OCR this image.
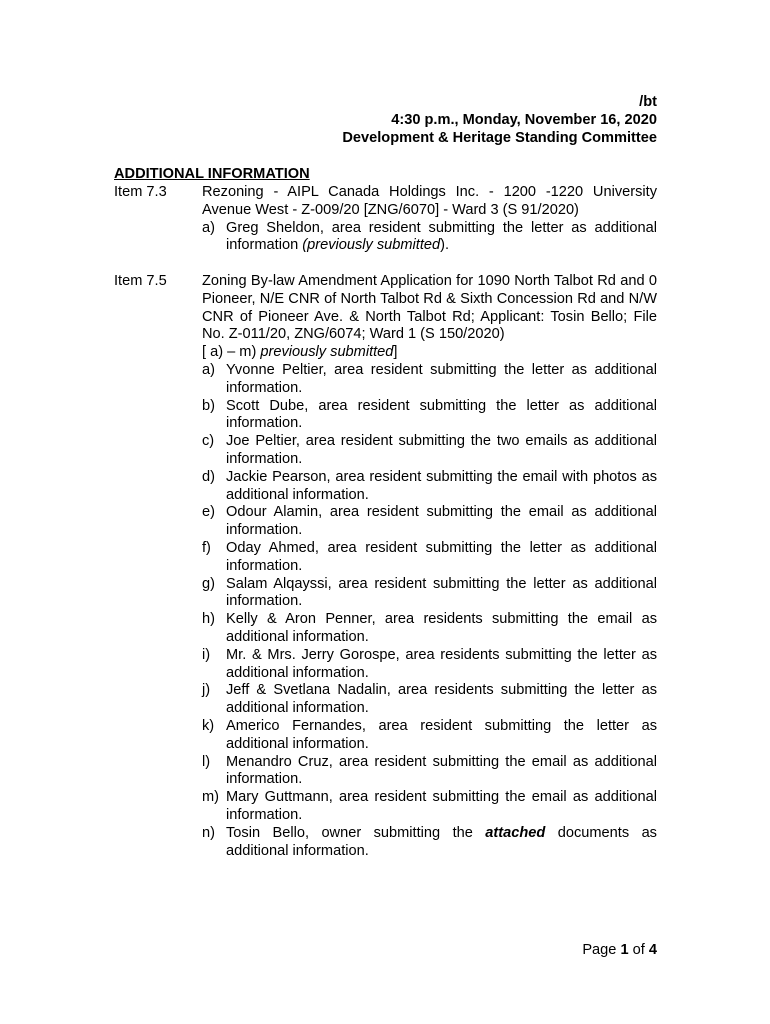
/bt
4:30 p.m., Monday, November 16, 2020
Development & Heritage Standing Committee
ADDITIONAL INFORMATION
Item 7.3 Rezoning - AIPL Canada Holdings Inc. - 1200 -1220 University Avenue West - Z-009/20 [ZNG/6070] - Ward 3 (S 91/2020)

a) Greg Sheldon, area resident submitting the letter as additional information (previously submitted).
Item 7.5 Zoning By-law Amendment Application for 1090 North Talbot Rd and 0 Pioneer, N/E CNR of North Talbot Rd & Sixth Concession Rd and N/W CNR of Pioneer Ave. & North Talbot Rd; Applicant: Tosin Bello; File No. Z-011/20, ZNG/6074; Ward 1 (S 150/2020)

[ a) – m) previously submitted]

a) Yvonne Peltier, area resident submitting the letter as additional information.
b) Scott Dube, area resident submitting the letter as additional information.
c) Joe Peltier, area resident submitting the two emails as additional information.
d) Jackie Pearson, area resident submitting the email with photos as additional information.
e) Odour Alamin, area resident submitting the email as additional information.
f) Oday Ahmed, area resident submitting the letter as additional information.
g) Salam Alqayssi, area resident submitting the letter as additional information.
h) Kelly & Aron Penner, area residents submitting the email as additional information.
i) Mr. & Mrs. Jerry Gorospe, area residents submitting the letter as additional information.
j) Jeff & Svetlana Nadalin, area residents submitting the letter as additional information.
k) Americo Fernandes, area resident submitting the letter as additional information.
l) Menandro Cruz, area resident submitting the email as additional information.
m) Mary Guttmann, area resident submitting the email as additional information.
n) Tosin Bello, owner submitting the attached documents as additional information.
Page 1 of 4
